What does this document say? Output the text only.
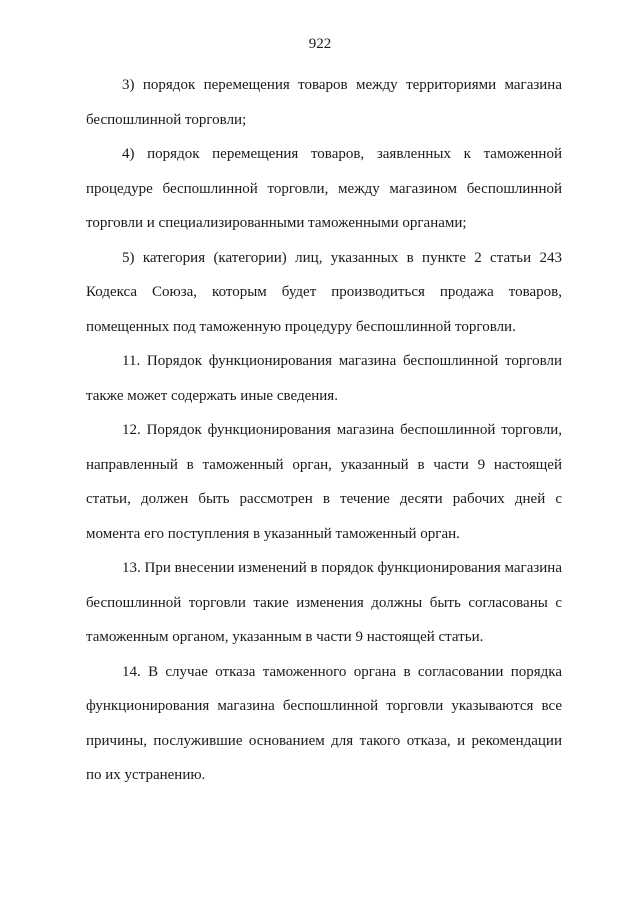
922

3) порядок перемещения товаров между территориями магазина беспошлинной торговли;

4) порядок перемещения товаров, заявленных к таможенной процедуре беспошлинной торговли, между магазином беспошлинной торговли и специализированными таможенными органами;

5) категория (категории) лиц, указанных в пункте 2 статьи 243 Кодекса Союза, которым будет производиться продажа товаров, помещенных под таможенную процедуру беспошлинной торговли.

11. Порядок функционирования магазина беспошлинной торговли также может содержать иные сведения.

12. Порядок функционирования магазина беспошлинной торговли, направленный в таможенный орган, указанный в части 9 настоящей статьи, должен быть рассмотрен в течение десяти рабочих дней с момента его поступления в указанный таможенный орган.

13. При внесении изменений в порядок функционирования магазина беспошлинной торговли такие изменения должны быть согласованы с таможенным органом, указанным в части 9 настоящей статьи.

14. В случае отказа таможенного органа в согласовании порядка функционирования магазина беспошлинной торговли указываются все причины, послужившие основанием для такого отказа, и рекомендации по их устранению.
